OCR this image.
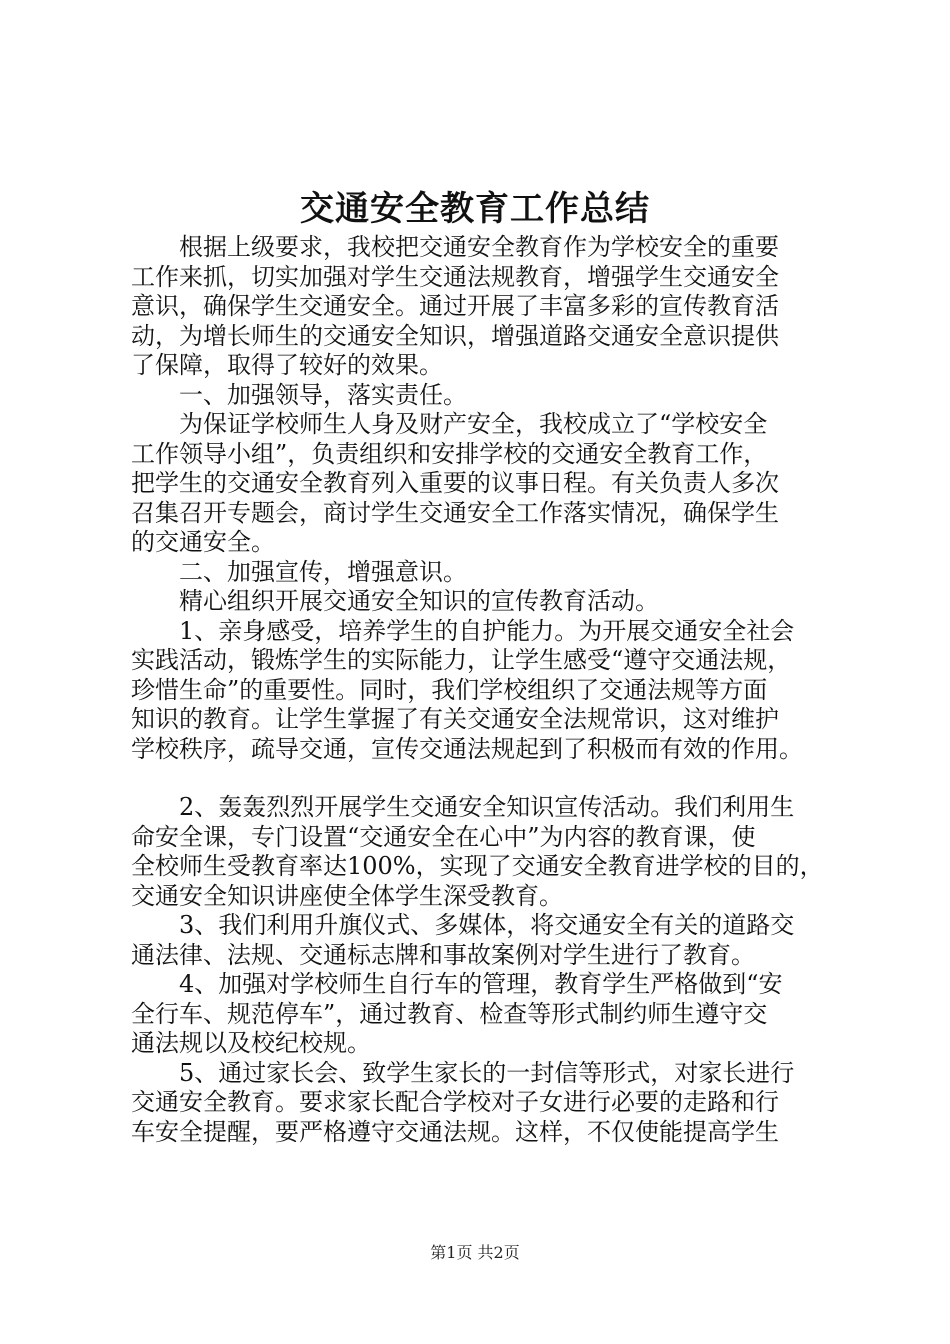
交通安全教育工作总结
　　根据上级要求，我校把交通安全教育作为学校安全的重要
工作来抓，切实加强对学生交通法规教育，增强学生交通安全
意识，确保学生交通安全。通过开展了丰富多彩的宣传教育活
动，为增长师生的交通安全知识，增强道路交通安全意识提供
了保障，取得了较好的效果。
　　一、加强领导，落实责任。
　　为保证学校师生人身及财产安全，我校成立了“学校安全
工作领导小组”，负责组织和安排学校的交通安全教育工作，
把学生的交通安全教育列入重要的议事日程。有关负责人多次
召集召开专题会，商讨学生交通安全工作落实情况，确保学生
的交通安全。
　　二、加强宣传，增强意识。
　　精心组织开展交通安全知识的宣传教育活动。
　　1、亲身感受，培养学生的自护能力。为开展交通安全社会
实践活动，锻炼学生的实际能力，让学生感受“遵守交通法规，
珍惜生命”的重要性。同时，我们学校组织了交通法规等方面
知识的教育。让学生掌握了有关交通安全法规常识，这对维护
学校秩序，疏导交通，宣传交通法规起到了积极而有效的作用。
　　2、轰轰烈烈开展学生交通安全知识宣传活动。我们利用生
命安全课，专门设置“交通安全在心中”为内容的教育课，使
全校师生受教育率达100%，实现了交通安全教育进学校的目的，
交通安全知识讲座使全体学生深受教育。
　　3、我们利用升旗仪式、多媒体，将交通安全有关的道路交
通法律、法规、交通标志牌和事故案例对学生进行了教育。
　　4、加强对学校师生自行车的管理，教育学生严格做到“安
全行车、规范停车”，通过教育、检查等形式制约师生遵守交
通法规以及校纪校规。
　　5、通过家长会、致学生家长的一封信等形式，对家长进行
交通安全教育。要求家长配合学校对子女进行必要的走路和行
车安全提醒，要严格遵守交通法规。这样，不仅使能提高学生
第1页 共2页
